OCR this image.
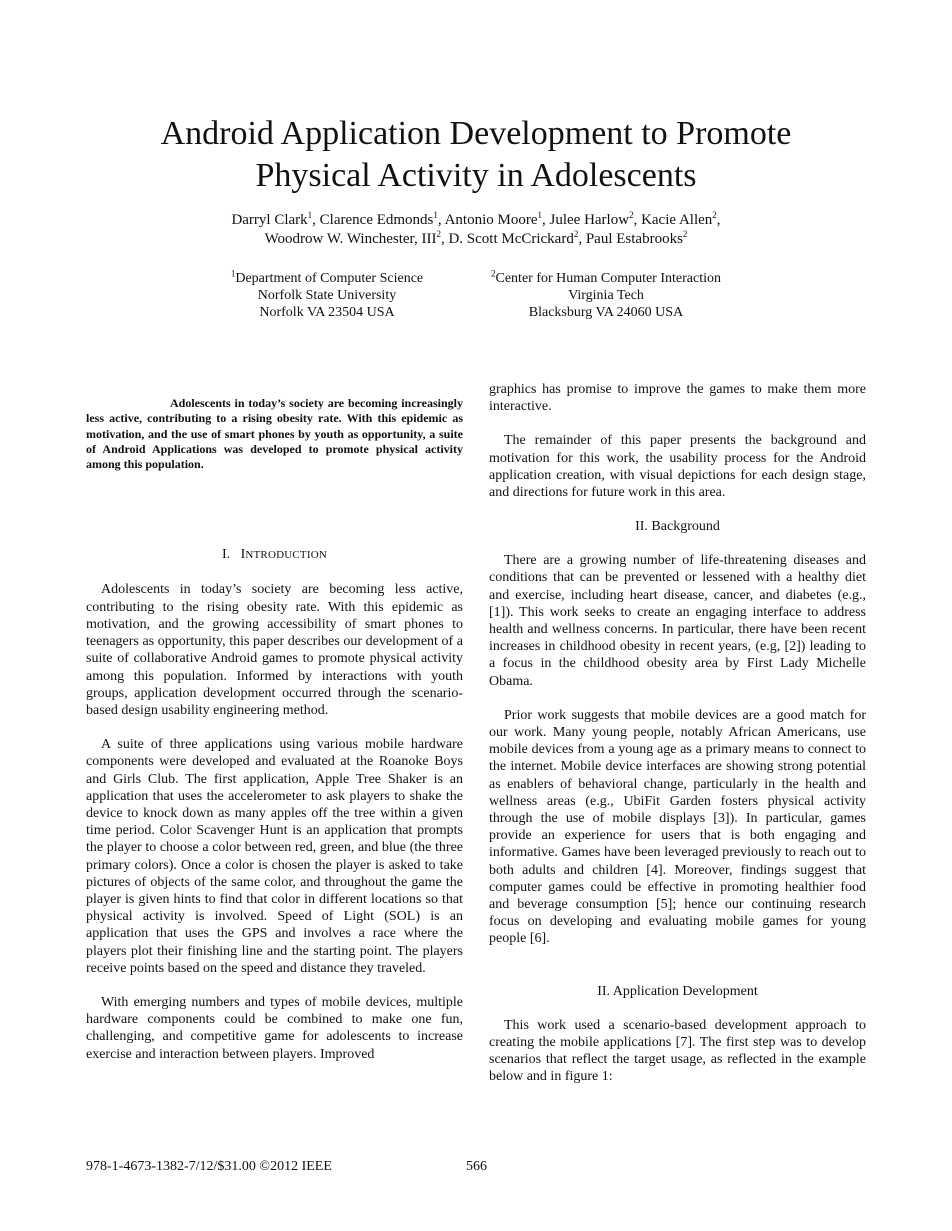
Android Application Development to Promote
Physical Activity in Adolescents
Darryl Clark$^1$, Clarence Edmonds$^1$, Antonio Moore$^1$, Julee Harlow$^2$, Kacie Allen$^2$,
Woodrow W. Winchester, III$^2$, D. Scott McCrickard$^2$, Paul Estabrooks$^2$
$^1$Department of Computer Science
Norfolk State University
Norfolk VA 23504 USA
$^2$Center for Human Computer Interaction
Virginia Tech
Blacksburg VA 24060 USA

Adolescents in today’s society are becoming increasingly less active, contributing to a rising obesity rate. With this epidemic as motivation, and the use of smart phones by youth as opportunity, a suite of Android Applications was developed to promote physical activity among this population.

I. INTRODUCTION

Adolescents in today’s society are becoming less active, contributing to the rising obesity rate. With this epidemic as motivation, and the growing accessibility of smart phones to teenagers as opportunity, this paper describes our development of a suite of collaborative Android games to promote physical activity among this population. Informed by interactions with youth groups, application development occurred through the scenario-based design usability engineering method.

A suite of three applications using various mobile hardware components were developed and evaluated at the Roanoke Boys and Girls Club. The first application, Apple Tree Shaker is an application that uses the accelerometer to ask players to shake the device to knock down as many apples off the tree within a given time period. Color Scavenger Hunt is an application that prompts the player to choose a color between red, green, and blue (the three primary colors). Once a color is chosen the player is asked to take pictures of objects of the same color, and throughout the game the player is given hints to find that color in different locations so that physical activity is involved. Speed of Light (SOL) is an application that uses the GPS and involves a race where the players plot their finishing line and the starting point. The players receive points based on the speed and distance they traveled.

With emerging numbers and types of mobile devices, multiple hardware components could be combined to make one fun, challenging, and competitive game for adolescents to increase exercise and interaction between players. Improved

graphics has promise to improve the games to make them more interactive.

The remainder of this paper presents the background and motivation for this work, the usability process for the Android application creation, with visual depictions for each design stage, and directions for future work in this area.

II. Background

There are a growing number of life-threatening diseases and conditions that can be prevented or lessened with a healthy diet and exercise, including heart disease, cancer, and diabetes (e.g., [1]). This work seeks to create an engaging interface to address health and wellness concerns. In particular, there have been recent increases in childhood obesity in recent years, (e.g, [2]) leading to a focus in the childhood obesity area by First Lady Michelle Obama.

Prior work suggests that mobile devices are a good match for our work. Many young people, notably African Americans, use mobile devices from a young age as a primary means to connect to the internet. Mobile device interfaces are showing strong potential as enablers of behavioral change, particularly in the health and wellness areas (e.g., UbiFit Garden fosters physical activity through the use of mobile displays [3]). In particular, games provide an experience for users that is both engaging and informative. Games have been leveraged previously to reach out to both adults and children [4]. Moreover, findings suggest that computer games could be effective in promoting healthier food and beverage consumption [5]; hence our continuing research focus on developing and evaluating mobile games for young people [6].

II. Application Development

This work used a scenario-based development approach to creating the mobile applications [7]. The first step was to develop scenarios that reflect the target usage, as reflected in the example below and in figure 1:

978-1-4673-1382-7/12/$31.00 ©2012 IEEE	566
